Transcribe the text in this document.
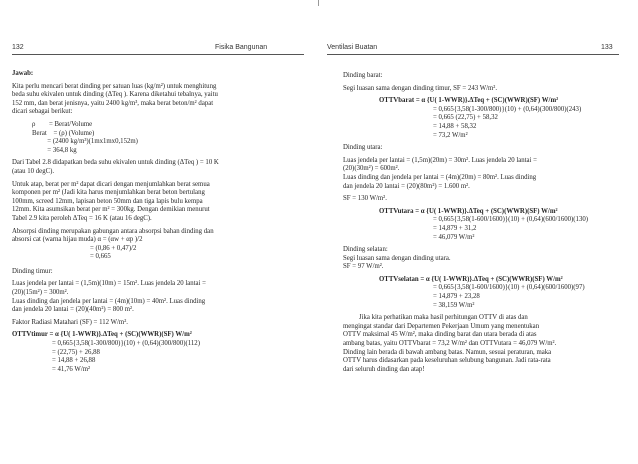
132	Fisika Bangunan

Jawab:

Kita perlu mencari berat dinding per satuan luas (kg/m²) untuk menghitung

beda suhu ekivalen untuk dinding (ΔTeq ). Karena diketahui tebalnya, yaitu

152 mm, dan berat jenisnya, yaitu 2400 kg/m³, maka berat beton/m² dapat

dicari sebagai berikut:

ρ        = Berat/Volume

Berat    = (ρ) (Volume)

= (2400 kg/m³)(1mx1mx0,152m)

= 364,8 kg

Dari Tabel 2.8 didapatkan beda suhu ekivalen untuk dinding (ΔTeq ) = 10 K

(atau 10 degC).

Untuk atap, berat per m² dapat dicari dengan menjumlahkan berat semua

komponen per m² (Jadi kita harus menjumlahkan berat beton bertulang

100mm, screed 12mm, lapisan beton 50mm dan tiga lapis bulu kempa

12mm. Kita asumsikan berat per m² = 300kg. Dengan demikian menurut

Tabel 2.9 kita peroleh ΔTeq = 16 K (atau 16 degC).

Absorpsi dinding merupakan gabungan antara absorpsi bahan dinding dan

absorsi cat (warna hijau muda) α = (αw + αp )/2

= (0,86 + 0,47)/2

= 0,665

Dinding timur:

Luas jendela per lantai = (1,5m)(10m) = 15m². Luas jendela 20 lantai =

(20)(15m²) = 300m².

Luas dinding dan jendela per lantai = (4m)(10m) = 40m². Luas dinding

dan jendela 20 lantai = (20)(40m²) = 800 m².

Faktor Radiasi Matahari (SF) = 112 W/m².

OTTVtimur = α {U( 1-WWR)}.ΔTeq + (SC)(WWR)(SF) W/m²

= 0,665{3,58(1-300/800)}(10) + (0,64)(300/800)(112)

= (22,75) + 26,88

= 14,88 + 26,88

= 41,76 W/m²

Ventilasi Buatan	133

Dinding barat:

Segi luasan sama dengan dinding timur, SF = 243 W/m².

OTTVbarat = α {U( 1-WWR)}.ΔTeq + (SC)(WWR)(SF) W/m²

= 0,665{3,58(1-300/800)}(10) + (0,64)(300/800)(243)

= 0,665 (22,75) + 58,32

= 14,88 + 58,32

= 73,2 W/m²

Dinding utara:

Luas jendela per lantai = (1,5m)(20m) = 30m². Luas jendela 20 lantai =

(20)(30m²) = 600m².

Luas dinding dan jendela per lantai = (4m)(20m) = 80m². Luas dinding

dan jendela 20 lantai = (20)(80m²) = 1.600 m².

SF = 130 W/m².

OTTVutara = α {U( 1-WWR)}.ΔTeq + (SC)(WWR)(SF) W/m²

= 0,665{3,58(1-600/1600)}(10) + (0,64)(600/1600)(130)

= 14,879 + 31,2

= 46,079 W/m²

Dinding selatan:

Segi luasan sama dengan dinding utara.

SF = 97 W/m².

OTTVselatan = α {U( 1-WWR)}.ΔTeq + (SC)(WWR)(SF) W/m²

= 0,665{3,58(1-600/1600)}(10) + (0,64)(600/1600)(97)

= 14,879 + 23,28

= 38,159 W/m²

Jika kita perhatikan maka hasil perhitungan OTTV di atas dan

mengingat standar dari Departemen Pekerjaan Umum yang menentukan

OTTV maksimal 45 W/m², maka dinding barat dan utara berada di atas

ambang batas, yaitu OTTVbarat = 73,2 W/m² dan OTTVutara = 46,079 W/m².

Dinding lain berada di bawah ambang batas. Namun, sesuai peraturan, maka

OTTV harus didasarkan pada keseluruhan selubung bangunan. Jadi rata-rata

dari seluruh dinding dan atap!
